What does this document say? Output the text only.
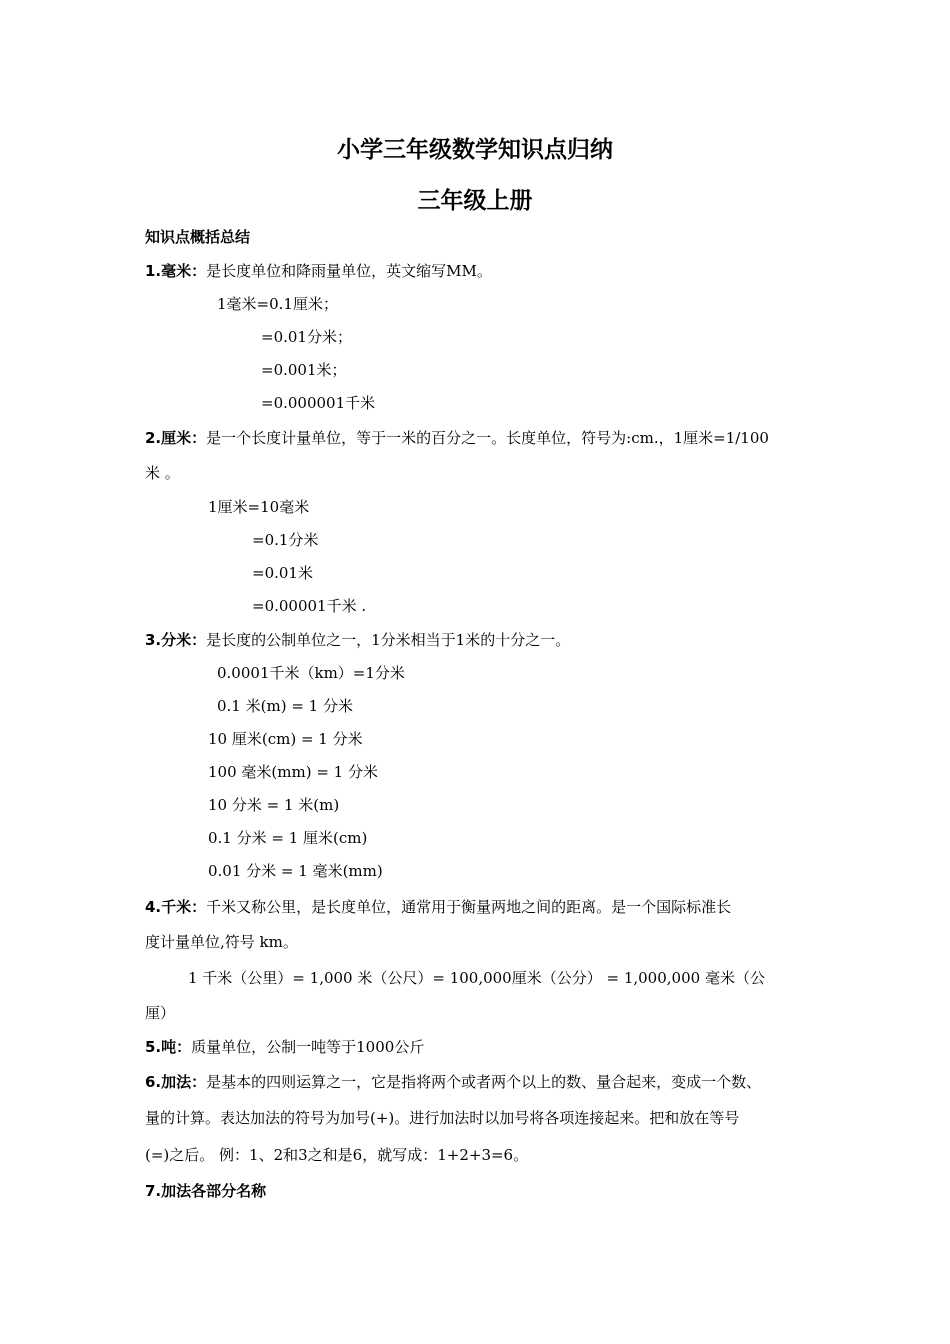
小学三年级数学知识点归纳
三年级上册
知识点概括总结
1.毫米：是长度单位和降雨量单位，英文缩写MM。
1毫米=0.1厘米；
=0.01分米；
=0.001米；
=0.000001千米
2.厘米：是一个长度计量单位，等于一米的百分之一。长度单位，符号为:cm.，1厘米=1/100
米 。
1厘米=10毫米
=0.1分米
=0.01米
=0.00001千米 .
3.分米：是长度的公制单位之一，1分米相当于1米的十分之一。
0.0001千米（km）=1分米
0.1 米(m) = 1 分米
10 厘米(cm) = 1 分米
100 毫米(mm) = 1 分米
10 分米 = 1 米(m)
0.1 分米 = 1 厘米(cm)
0.01 分米 = 1 毫米(mm)
4.千米：千米又称公里，是长度单位，通常用于衡量两地之间的距离。是一个国际标准长
度计量单位,符号 km。
1 千米（公里）= 1,000 米（公尺）= 100,000厘米（公分） = 1,000,000 毫米（公
厘）
5.吨：质量单位，公制一吨等于1000公斤
6.加法：是基本的四则运算之一，它是指将两个或者两个以上的数、量合起来，变成一个数、
量的计算。表达加法的符号为加号(+)。进行加法时以加号将各项连接起来。把和放在等号
(=)之后。 例：1、2和3之和是6，就写成：1+2+3=6。
7.加法各部分名称
